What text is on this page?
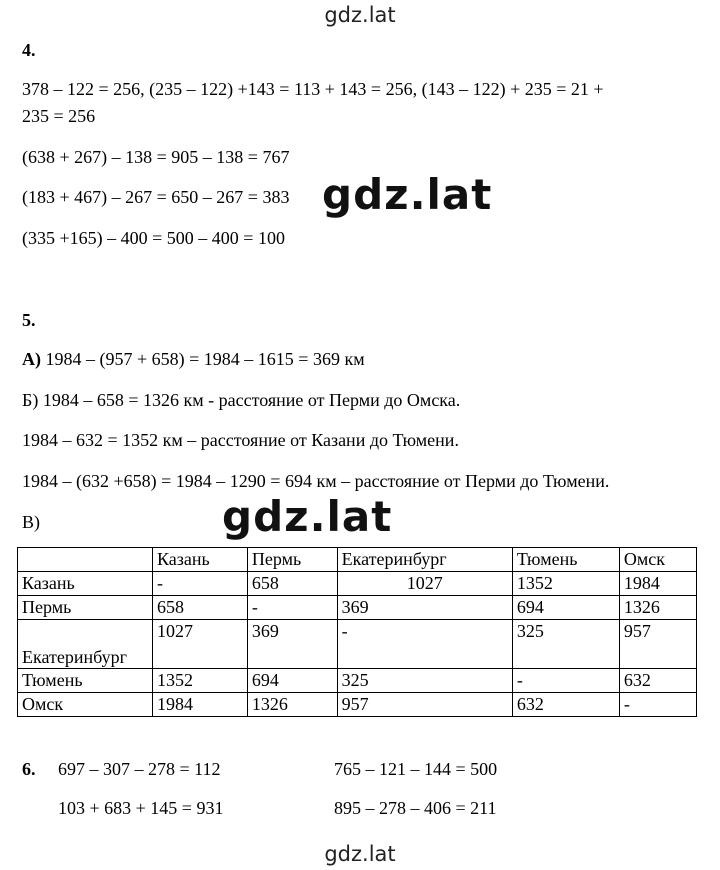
gdz.lat
gdz.lat
gdz.lat
gdz.lat
4.
378 – 122 = 256, (235 – 122) +143 = 113 + 143 = 256, (143 – 122) + 235 = 21 +
235 = 256
(638 + 267) – 138 = 905 – 138 = 767
(183 + 467) – 267 = 650 – 267 = 383
(335 +165) – 400 = 500 – 400 = 100
5.
А) 1984 – (957 + 658) = 1984 – 1615 = 369 км
Б) 1984 – 658 = 1326 км - расстояние от Перми до Омска.
1984 – 632 = 1352 км – расстояние от Казани до Тюмени.
1984 – (632 +658) = 1984 – 1290 = 694 км – расстояние от Перми до Тюмени.
В)
	Казань	Пермь	Екатеринбург	Тюмень	Омск
Казань	-	658	1027	1352	1984
Пермь	658	-	369	694	1326
Екатеринбург	1027	369	-	325	957
Тюмень	1352	694	325	-	632
Омск	1984	1326	957	632	-
6. 697 – 307 – 278 = 112
103 + 683 + 145 = 931
765 – 121 – 144 = 500
895 – 278 – 406 = 211
